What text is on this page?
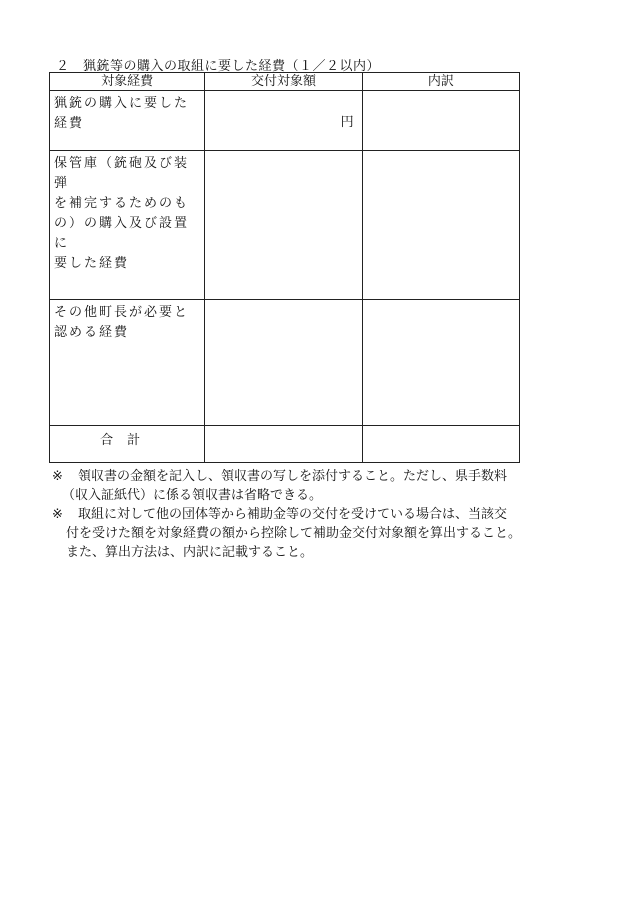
２　猟銃等の購入の取組に要した経費（１／２以内）
対象経費	交付対象額	内訳

猟銃の購入に要した
経費	円	

保管庫（銃砲及び装弾
を補完するためのも
の）の購入及び設置に
要した経費		

その他町長が必要と
認める経費		

合計		

※ 領収書の金額を記入し、領収書の写しを添付すること。ただし、県手数料
（収入証紙代）に係る領収書は省略できる。
※ 取組に対して他の団体等から補助金等の交付を受けている場合は、当該交
付を受けた額を対象経費の額から控除して補助金交付対象額を算出すること。
また、算出方法は、内訳に記載すること。
